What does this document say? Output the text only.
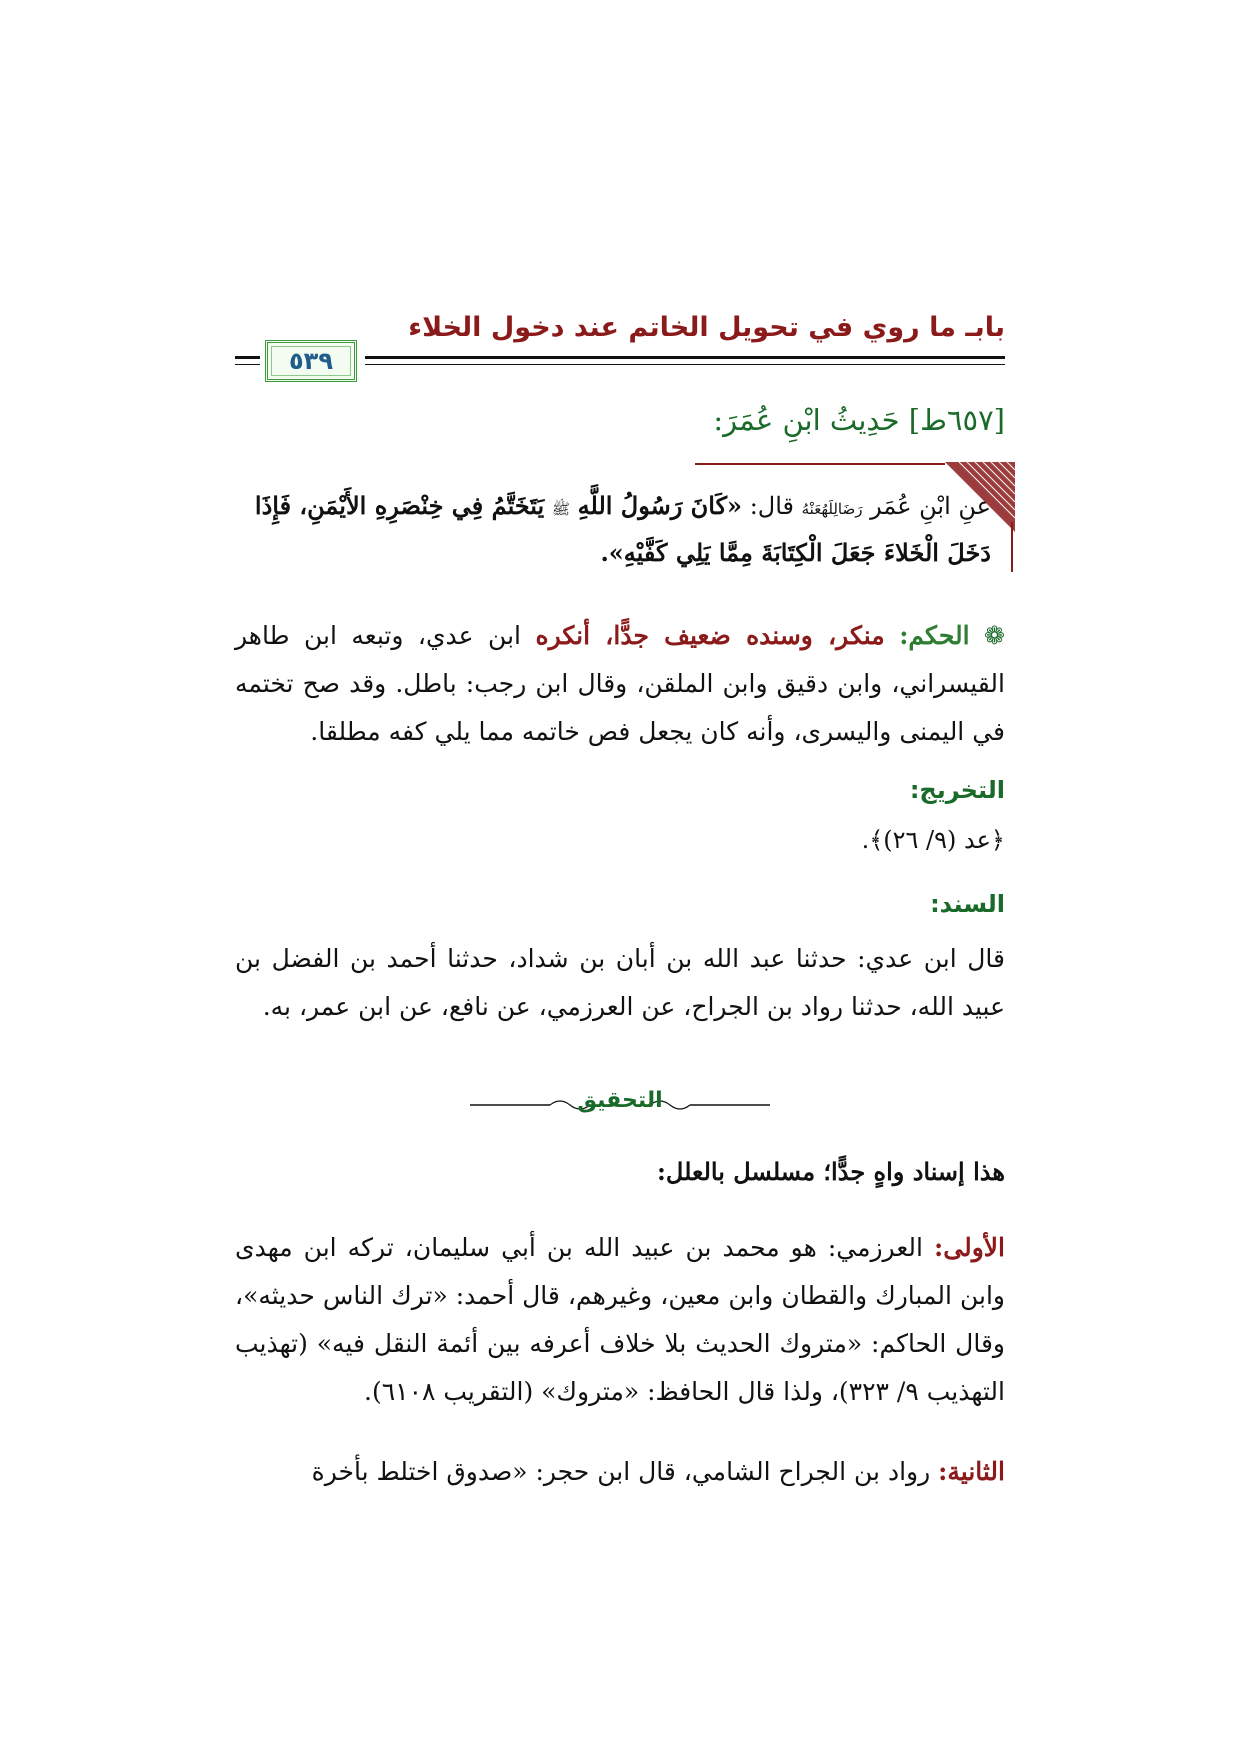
بابـ ما روي في تحويل الخاتم عند دخول الخلاء
٥٣٩
[٦٥٧ط] حَدِيثُ ابْنِ عُمَرَ:
عنِ ابْنِ عُمَر رَضَالِلَهُعَنْهُ قال: «كَانَ رَسُولُ اللَّهِ ﷺ يَتَخَتَّمُ فِي خِنْصَرِهِ الأَيْمَنِ، فَإِذَا دَخَلَ الْخَلاءَ جَعَلَ الْكِتَابَةَ مِمَّا يَلِي كَفَّيْهِ».
❁ الحكم: منكر، وسنده ضعيف جدًّا، أنكره ابن عدي، وتبعه ابن طاهر القيسراني، وابن دقيق وابن الملقن، وقال ابن رجب: باطل. وقد صح تختمه في اليمنى واليسرى، وأنه كان يجعل فص خاتمه مما يلي كفه مطلقا.
التخريج:
﴿عد (٩/ ٢٦)﴾.
السند:
قال ابن عدي: حدثنا عبد الله بن أبان بن شداد، حدثنا أحمد بن الفضل بن عبيد الله، حدثنا رواد بن الجراح، عن العرزمي، عن نافع، عن ابن عمر، به.
التحقيق
هذا إسناد واهٍ جدًّا؛ مسلسل بالعلل:
الأولى: العرزمي: هو محمد بن عبيد الله بن أبي سليمان، تركه ابن مهدى وابن المبارك والقطان وابن معين، وغيرهم، قال أحمد: «ترك الناس حديثه»، وقال الحاكم: «متروك الحديث بلا خلاف أعرفه بين أئمة النقل فيه» (تهذيب التهذيب ٩/ ٣٢٣)، ولذا قال الحافظ: «متروك» (التقريب ٦١٠٨).
الثانية: رواد بن الجراح الشامي، قال ابن حجر: «صدوق اختلط بأخرة
